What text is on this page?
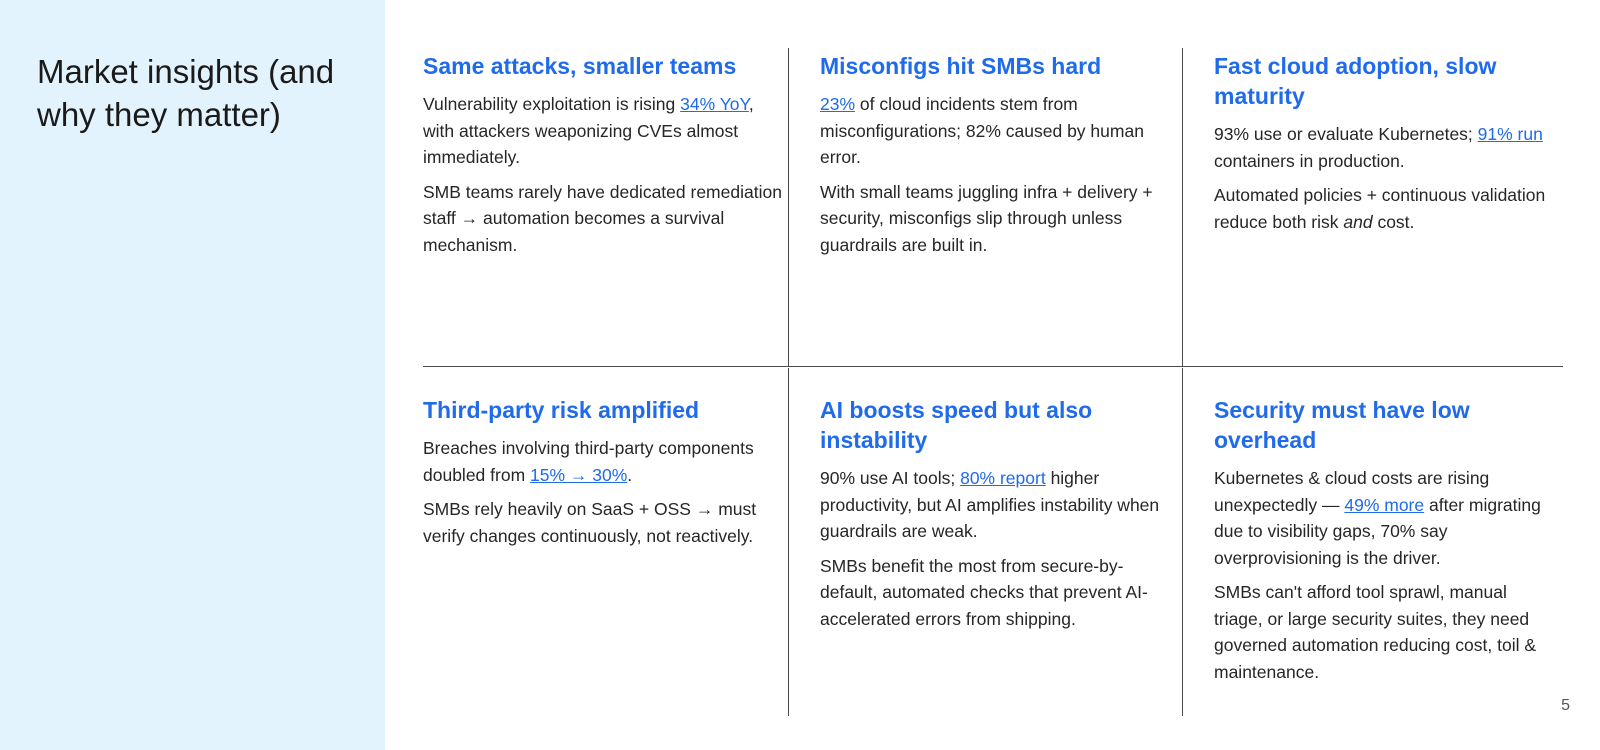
Market insights (and why they matter)
Same attacks, smaller teams

Vulnerability exploitation is rising 34% YoY, with attackers weaponizing CVEs almost immediately.

SMB teams rarely have dedicated remediation staff → automation becomes a survival mechanism.

Misconfigs hit SMBs hard

23% of cloud incidents stem from misconfigurations; 82% caused by human error.

With small teams juggling infra + delivery + security, misconfigs slip through unless guardrails are built in.

Fast cloud adoption, slow maturity

93% use or evaluate Kubernetes; 91% run containers in production.

Automated policies + continuous validation reduce both risk and cost.

Third-party risk amplified

Breaches involving third-party components doubled from 15% → 30%.

SMBs rely heavily on SaaS + OSS → must verify changes continuously, not reactively.

AI boosts speed but also instability

90% use AI tools; 80% report higher productivity, but AI amplifies instability when guardrails are weak.

SMBs benefit the most from secure-by-default, automated checks that prevent AI-accelerated errors from shipping.

Security must have low overhead

Kubernetes & cloud costs are rising unexpectedly — 49% more after migrating due to visibility gaps, 70% say overprovisioning is the driver.

SMBs can't afford tool sprawl, manual triage, or large security suites, they need governed automation reducing cost, toil & maintenance.

5
